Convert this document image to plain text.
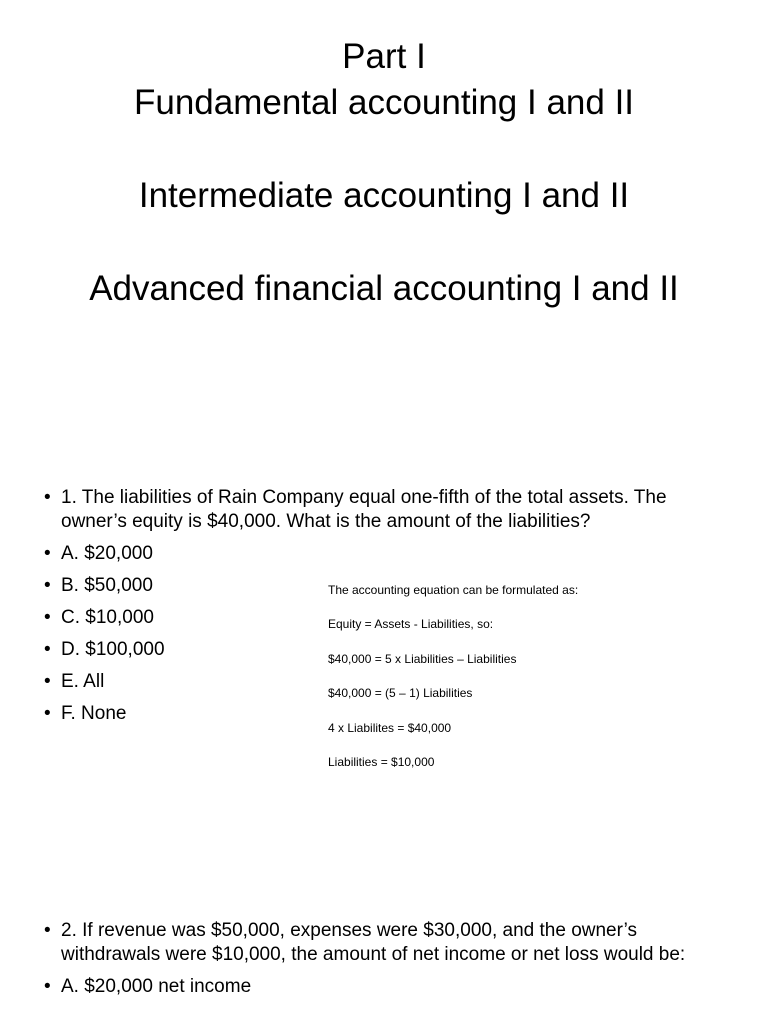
Part I
Fundamental accounting I and II
Intermediate accounting I and II
Advanced financial accounting I and II
• 1. The liabilities of Rain Company equal one-fifth of the total assets. The owner’s equity is $40,000. What is the amount of the liabilities?
• A. $20,000
• B. $50,000
• C. $10,000
• D. $100,000
• E. All
• F. None
The accounting equation can be formulated as:
Equity = Assets - Liabilities, so:
$40,000 = 5 x Liabilities – Liabilities
$40,000 = (5 – 1) Liabilities
4 x Liabilites = $40,000
Liabilities = $10,000
• 2. If revenue was $50,000, expenses were $30,000, and the owner’s withdrawals were $10,000, the amount of net income or net loss would be:
• A. $20,000 net income
